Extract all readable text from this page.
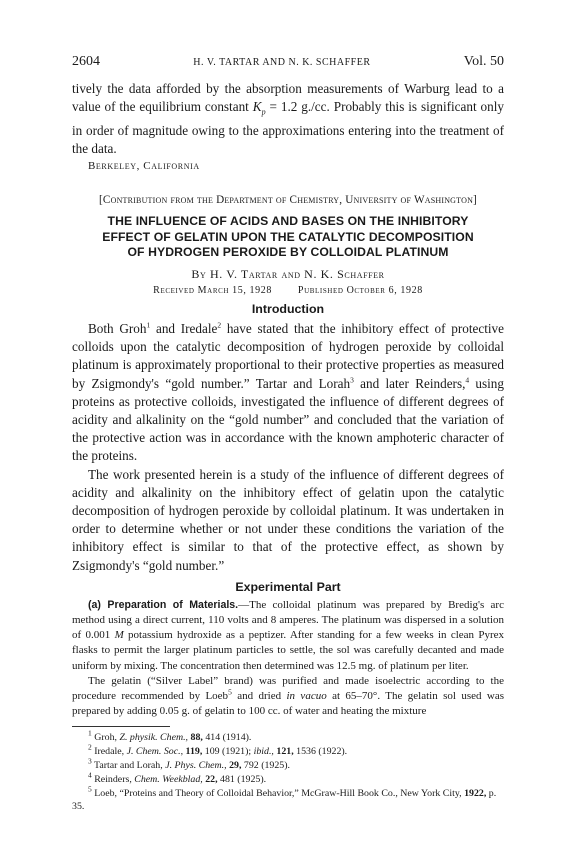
2604	H. V. TARTAR AND N. K. SCHAFFER	Vol. 50

tively the data afforded by the absorption measurements of Warburg lead to a value of the equilibrium constant $K_p = 1.2$ g./cc. Probably this is significant only in order of magnitude owing to the approximations entering into the treatment of the data.

Berkeley, California
[Contribution from the Department of Chemistry, University of Washington]
THE INFLUENCE OF ACIDS AND BASES ON THE INHIBITORY
EFFECT OF GELATIN UPON THE CATALYTIC DECOMPOSITION
OF HYDROGEN PEROXIDE BY COLLOIDAL PLATINUM
By H. V. Tartar and N. K. Schaffer
Received March 15, 1928	Published October 6, 1928
Introduction

Both Groh$^1$ and Iredale$^2$ have stated that the inhibitory effect of protective colloids upon the catalytic decomposition of hydrogen peroxide by colloidal platinum is approximately proportional to their protective properties as measured by Zsigmondy's “gold number.” Tartar and Lorah$^3$ and later Reinders,$^4$ using proteins as protective colloids, investigated the influence of different degrees of acidity and alkalinity on the “gold number” and concluded that the variation of the protective action was in accordance with the known amphoteric character of the proteins.

The work presented herein is a study of the influence of different degrees of acidity and alkalinity on the inhibitory effect of gelatin upon the catalytic decomposition of hydrogen peroxide by colloidal platinum. It was undertaken in order to determine whether or not under these conditions the variation of the inhibitory effect is similar to that of the protective effect, as shown by Zsigmondy's “gold number.”

Experimental Part

(a) Preparation of Materials.—The colloidal platinum was prepared by Bredig's arc method using a direct current, 110 volts and 8 amperes. The platinum was dispersed in a solution of 0.001 M potassium hydroxide as a peptizer. After standing for a few weeks in clean Pyrex flasks to permit the larger platinum particles to settle, the sol was carefully decanted and made uniform by mixing. The concentration then determined was 12.5 mg. of platinum per liter.

The gelatin (“Silver Label” brand) was purified and made isoelectric according to the procedure recommended by Loeb$^5$ and dried in vacuo at 65–70°. The gelatin sol used was prepared by adding 0.05 g. of gelatin to 100 cc. of water and heating the mixture

$^1$ Groh, Z. physik. Chem., 88, 414 (1914).

$^2$ Iredale, J. Chem. Soc., 119, 109 (1921); ibid., 121, 1536 (1922).

$^3$ Tartar and Lorah, J. Phys. Chem., 29, 792 (1925).

$^4$ Reinders, Chem. Weekblad, 22, 481 (1925).

$^5$ Loeb, “Proteins and Theory of Colloidal Behavior,” McGraw-Hill Book Co., New York City, 1922, p. 35.
